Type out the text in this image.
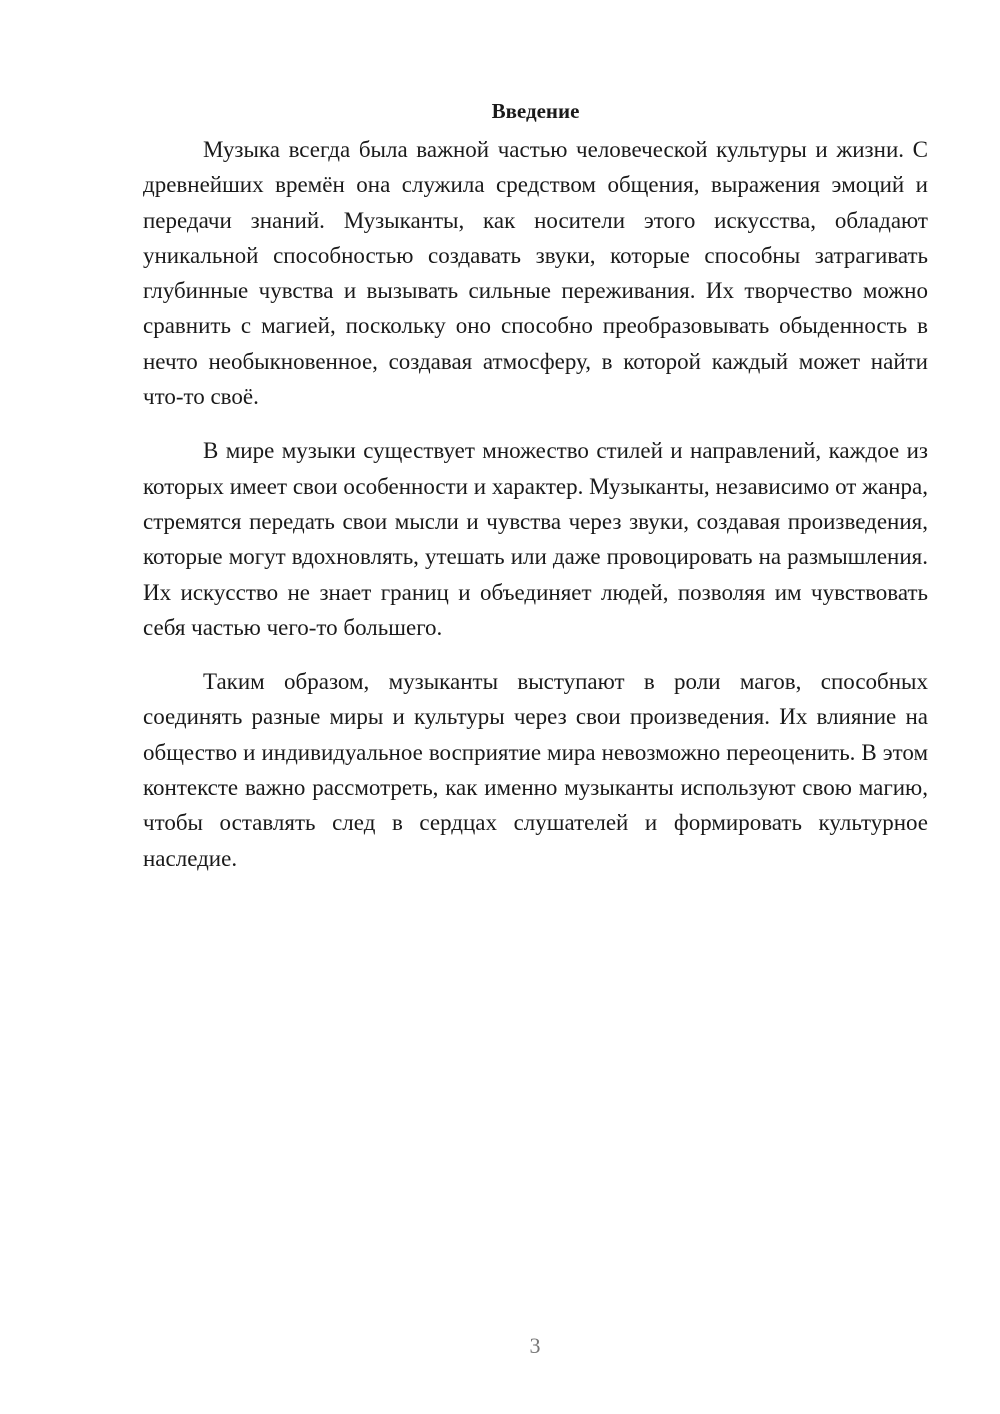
Введение

Музыка всегда была важной частью человеческой культуры и жизни. С древнейших времён она служила средством общения, выражения эмоций и передачи знаний. Музыканты, как носители этого искусства, обладают уникальной способностью создавать звуки, которые способны затрагивать глубинные чувства и вызывать сильные переживания. Их творчество можно сравнить с магией, поскольку оно способно преобразовывать обыденность в нечто необыкновенное, создавая атмосферу, в которой каждый может найти что-то своё.

В мире музыки существует множество стилей и направлений, каждое из которых имеет свои особенности и характер. Музыканты, независимо от жанра, стремятся передать свои мысли и чувства через звуки, создавая произведения, которые могут вдохновлять, утешать или даже провоцировать на размышления. Их искусство не знает границ и объединяет людей, позволяя им чувствовать себя частью чего-то большего.

Таким образом, музыканты выступают в роли магов, способных соединять разные миры и культуры через свои произведения. Их влияние на общество и индивидуальное восприятие мира невозможно переоценить. В этом контексте важно рассмотреть, как именно музыканты используют свою магию, чтобы оставлять след в сердцах слушателей и формировать культурное наследие.

3
